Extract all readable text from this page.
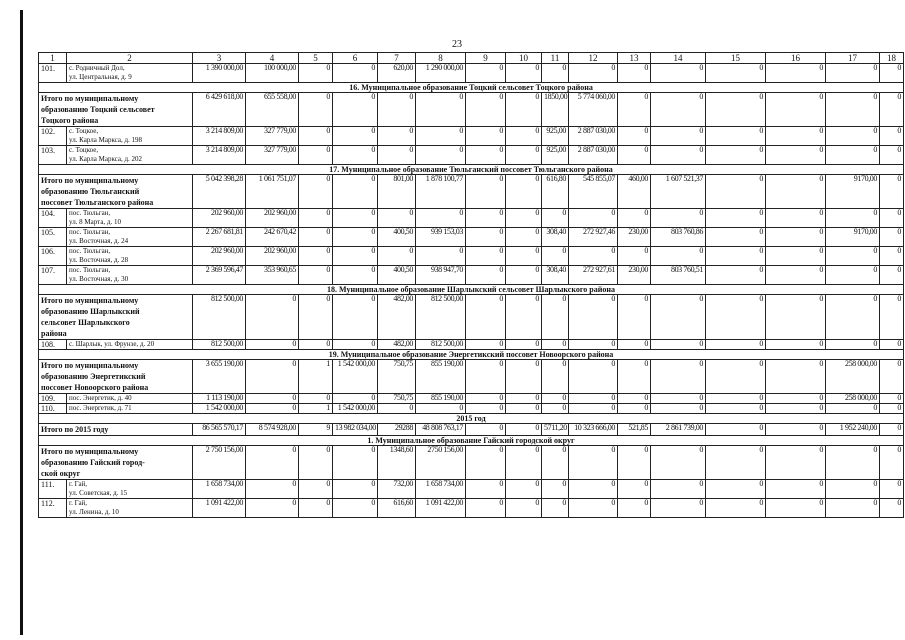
23
1	2	3	4	5	6	7	8	9	10	11	12	13	14	15	16	17	18
101.	с. Родничный Дол,
ул. Центральная, д. 9	1 390 000,00	100 000,00	0	0	620,00	1 290 000,00	0	0	0	0	0	0	0	0	0	0
16. Муниципальное образование Тоцкий сельсовет Тоцкого района																	

Итого по муниципальному
образованию Тоцкий сельсовет
Тоцкого района		6 429 618,00	655 558,00	0	0	0	0	0	0	1850,00	5 774 060,00	0	0	0	0	0	0
102.	с. Тоцкое,
ул. Карла Маркса, д. 198	3 214 809,00	327 779,00	0	0	0	0	0	0	925,00	2 887 030,00	0	0	0	0	0	0
103.	с. Тоцкое,
ул. Карла Маркса, д. 202	3 214 809,00	327 779,00	0	0	0	0	0	0	925,00	2 887 030,00	0	0	0	0	0	0
17. Муниципальное образование Тюльганский поссовет Тюльганского района																	

Итого по муниципальному
образованию Тюльганский
поссовет Тюльганского района		5 042 398,28	1 061 751,07	0	0	801,00	1 878 100,77	0	0	616,80	545 855,07	460,00	1 607 521,37	0	0	9170,00	0
104.	пос. Тюльган,
ул. 8 Марта, д. 10	202 960,00	202 960,00	0	0	0	0	0	0	0	0	0	0	0	0	0	0
105.	пос. Тюльган,
ул. Восточная, д. 24	2 267 681,81	242 670,42	0	0	400,50	939 153,03	0	0	308,40	272 927,46	230,00	803 760,86	0	0	9170,00	0
106.	пос. Тюльган,
ул. Восточная, д. 28	202 960,00	202 960,00	0	0	0	0	0	0	0	0	0	0	0	0	0	0
107.	пос. Тюльган,
ул. Восточная, д. 30	2 369 596,47	353 960,65	0	0	400,50	938 947,70	0	0	308,40	272 927,61	230,00	803 760,51	0	0	0	0
18. Муниципальное образование Шарлыкский сельсовет Шарлыкского района																	

Итого по муниципальному
образованию Шарлыкский
сельсовет Шарлыкского
района		812 500,00	0	0	0	482,00	812 500,00	0	0	0	0	0	0	0	0	0	0
108.	с. Шарлык, ул. Фрунзе, д. 20	812 500,00	0	0	0	482,00	812 500,00	0	0	0	0	0	0	0	0	0	0
19. Муниципальное образование Энергетикский поссовет Новоорского района																	

Итого по муниципальному
образованию Энергетикский
поссовет Новоорского района		3 655 190,00	0	1	1 542 000,00	750,75	855 190,00	0	0	0	0	0	0	0	0	258 000,00	0
109.	пос. Энергетик, д. 40	1 113 190,00	0	0	0	750,75	855 190,00	0	0	0	0	0	0	0	0	258 000,00	0
110.	пос. Энергетик, д. 71	1 542 000,00	0	1	1 542 000,00	0	0	0	0	0	0	0	0	0	0	0	0
2015 год																	

Итого по 2015 году		86 565 570,17	8 574 928,00	9	13 982 034,00	29288	48 808 763,17	0	0	5711,20	10 323 666,00	521,85	2 861 739,00	0	0	1 952 240,00	0
1. Муниципальное образование Гайский городской округ																	

Итого по муниципальному
образованию Гайский город-
ской округ		2 750 156,00	0	0	0	1348,60	2750 156,00	0	0	0	0	0	0	0	0	0	0
111.	г. Гай,
ул. Советская, д. 15	1 658 734,00	0	0	0	732,00	1 658 734,00	0	0	0	0	0	0	0	0	0	0
112.	г. Гай,
ул. Ленина, д. 10	1 091 422,00	0	0	0	616,60	1 091 422,00	0	0	0	0	0	0	0	0	0	0
